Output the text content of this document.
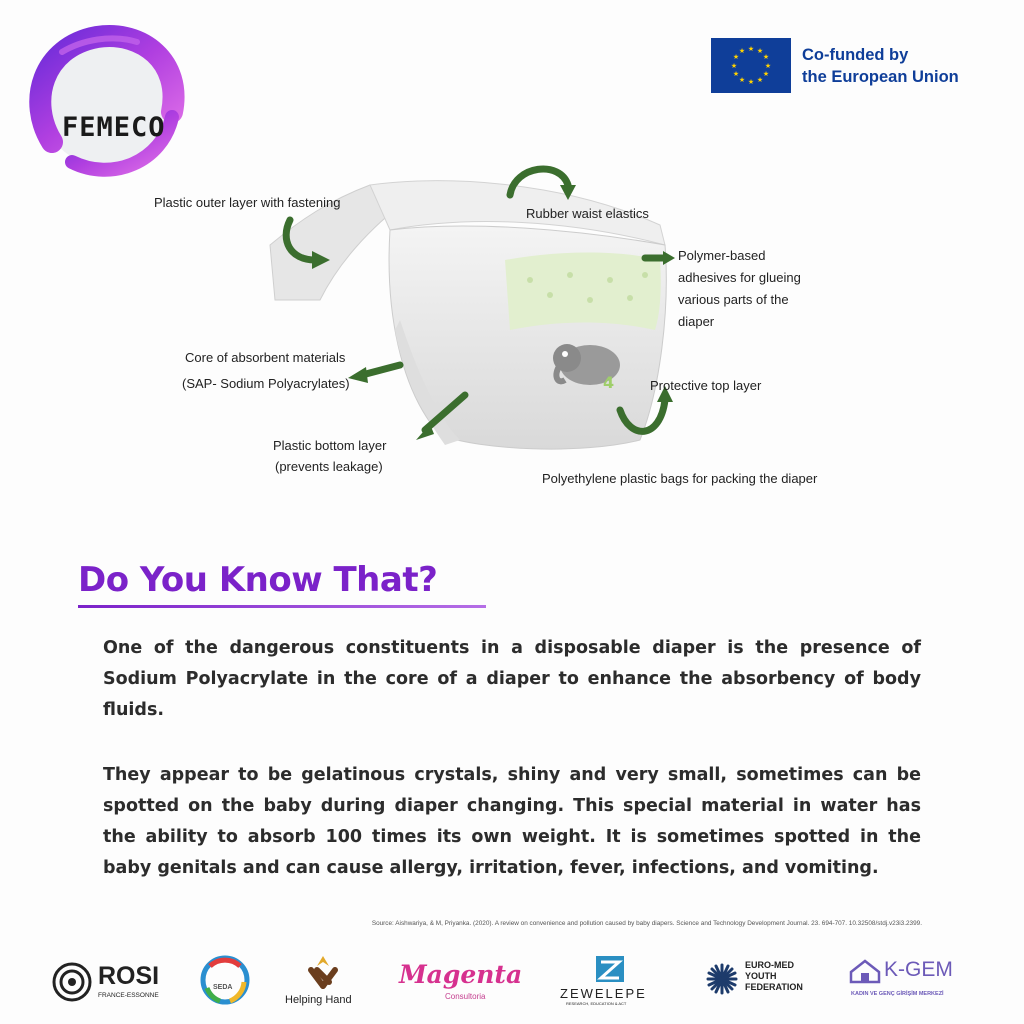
FEMECO
★ ★
★
★
★
★
★
★
★
★
★
★	Co-funded by
the European Union
4
Plastic outer layer with fastening
Rubber waist elastics
Polymer-based
adhesives for glueing
various parts of the
diaper
Core of absorbent materials
(SAP- Sodium Polyacrylates)	Protective top layer
Plastic bottom layer
(prevents leakage)
Polyethylene plastic bags for packing the diaper
Do You Know That?
One of the dangerous constituents in a disposable diaper is the presence of Sodium Polyacrylate in the core of a diaper to enhance the absorbency of body fluids.
They appear to be gelatinous crystals, shiny and very small, sometimes can be spotted on the baby during diaper changing. This special material in water has the ability to absorb 100 times its own weight. It is sometimes spotted in the baby genitals and can cause allergy, irritation, fever, infections, and vomiting.
Source: Aishwariya, & M, Priyanka. (2020). A review on convenience and pollution caused by baby diapers. Science and Technology Development Journal. 23. 694-707. 10.32508/stdj.v23i3.2399.
ROSI
FRANCE-ESSONNE
SEDA
Helping Hand
Magenta
Consultoria	ZEWELEPE
RESEARCH, EDUCATION & ACT
EURO-MED
YOUTH
FEDERATION
K-GEM
KADIN VE GENÇ GİRİŞİM MERKEZİ
